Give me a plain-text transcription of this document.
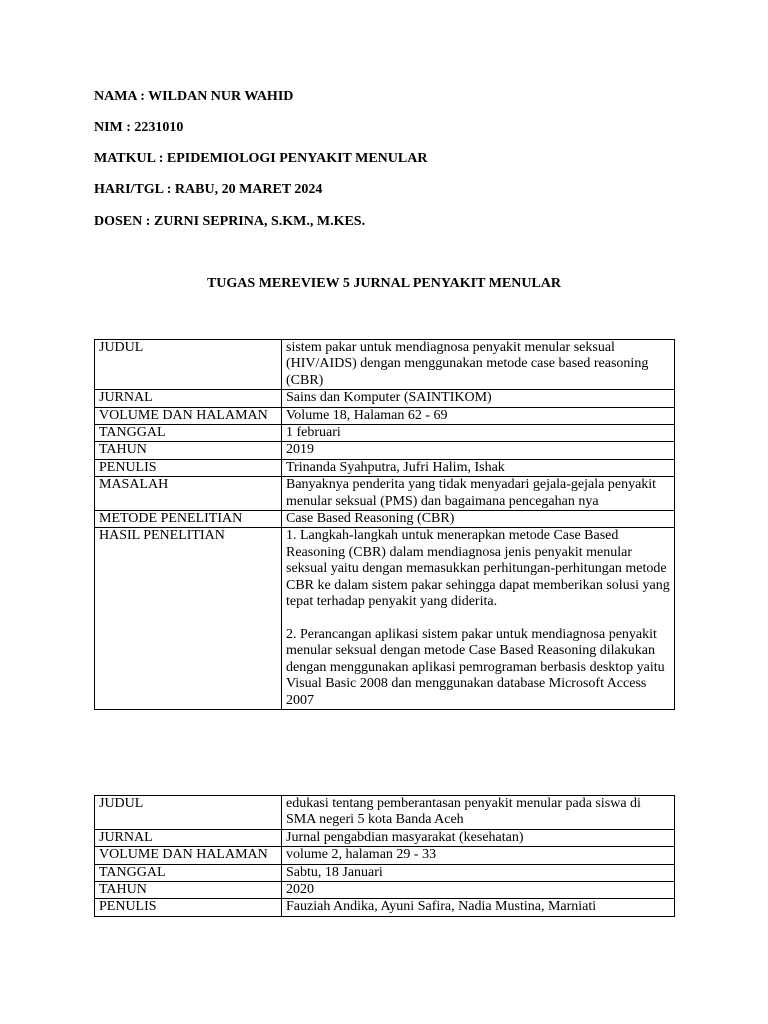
NAMA : WILDAN NUR WAHID
NIM : 2231010
MATKUL : EPIDEMIOLOGI PENYAKIT MENULAR
HARI/TGL : RABU, 20 MARET 2024
DOSEN : ZURNI SEPRINA, S.KM., M.KES.
TUGAS MEREVIEW 5 JURNAL PENYAKIT MENULAR
JUDUL	sistem pakar untuk mendiagnosa penyakit menular seksual (HIV/AIDS) dengan menggunakan metode case based reasoning (CBR)
JURNAL	Sains dan Komputer (SAINTIKOM)
VOLUME DAN HALAMAN	Volume 18, Halaman 62 - 69
TANGGAL	1 februari
TAHUN	2019
PENULIS	Trinanda Syahputra, Jufri Halim, Ishak
MASALAH	Banyaknya penderita yang tidak menyadari gejala-gejala penyakit menular seksual (PMS) dan bagaimana pencegahan nya
METODE PENELITIAN	Case Based Reasoning (CBR)
HASIL PENELITIAN	1. Langkah-langkah untuk menerapkan metode Case Based Reasoning (CBR) dalam mendiagnosa jenis penyakit menular seksual yaitu dengan memasukkan perhitungan-perhitungan metode CBR ke dalam sistem pakar sehingga dapat memberikan solusi yang tepat terhadap penyakit yang diderita.
2. Perancangan aplikasi sistem pakar untuk mendiagnosa penyakit menular seksual dengan metode Case Based Reasoning dilakukan dengan menggunakan aplikasi pemrograman berbasis desktop yaitu Visual Basic 2008 dan menggunakan database Microsoft Access 2007
JUDUL	edukasi tentang pemberantasan penyakit menular pada siswa di SMA negeri 5 kota Banda Aceh
JURNAL	Jurnal pengabdian masyarakat (kesehatan)
VOLUME DAN HALAMAN	volume 2, halaman 29 - 33
TANGGAL	Sabtu, 18 Januari
TAHUN	2020
PENULIS	Fauziah Andika, Ayuni Safira, Nadia Mustina, Marniati
